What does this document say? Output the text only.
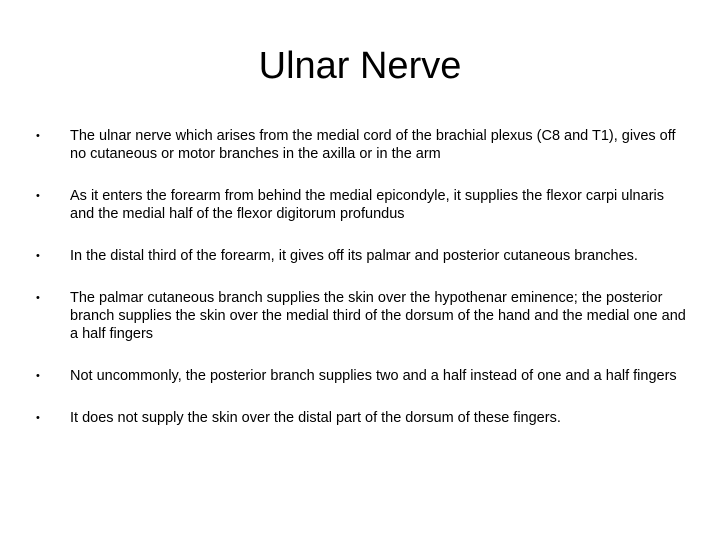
Ulnar Nerve
•	The ulnar nerve which arises from the medial cord of the brachial plexus (C8 and T1), gives off no cutaneous or motor branches in the axilla or in the arm
•	As it enters the forearm from behind the medial epicondyle, it supplies the flexor carpi ulnaris and the medial half of the flexor digitorum profundus
•	In the distal third of the forearm, it gives off its palmar and posterior cutaneous branches.
•	The palmar cutaneous branch supplies the skin over the hypothenar eminence; the posterior branch supplies the skin over the medial third of the dorsum of the hand and the medial one and a half fingers
•	Not uncommonly, the posterior branch supplies two and a half instead of one and a half fingers
•	It does not supply the skin over the distal part of the dorsum of these fingers.
